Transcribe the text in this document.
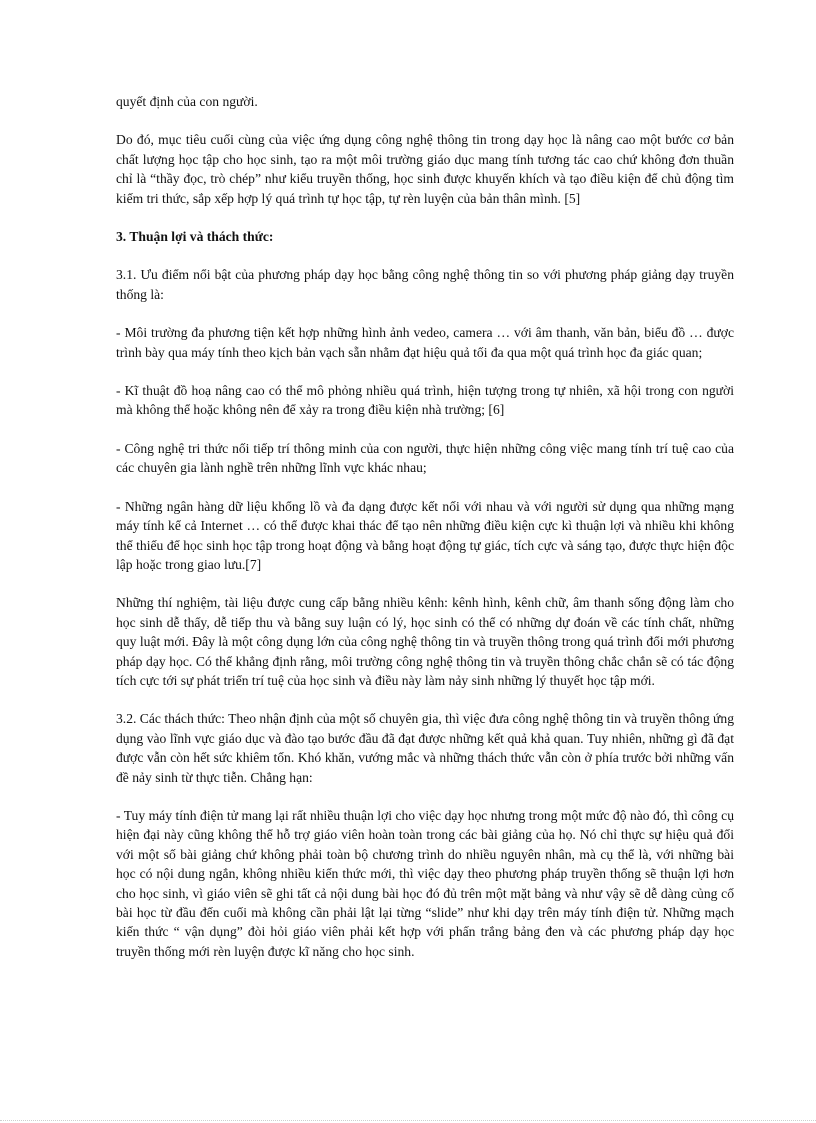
quyết định của con người.

Do đó, mục tiêu cuối cùng của việc ứng dụng công nghệ thông tin trong dạy học là nâng cao một bước cơ bản chất lượng học tập cho học sinh, tạo ra một môi trường giáo dục mang tính tương tác cao chứ không đơn thuần chỉ là “thầy đọc, trò chép” như kiểu truyền thống, học sinh được khuyến khích và tạo điều kiện để chủ động tìm kiếm tri thức, sắp xếp hợp lý quá trình tự học tập, tự rèn luyện của bản thân mình. [5]

3. Thuận lợi và thách thức:

3.1. Ưu điểm nổi bật của phương pháp dạy học bằng công nghệ thông tin so với phương pháp giảng dạy truyền thống là:

- Môi trường đa phương tiện kết hợp những hình ảnh vedeo, camera … với âm thanh, văn bản, biểu đồ … được trình bày qua máy tính theo kịch bản vạch sẵn nhằm đạt hiệu quả tối đa qua một quá trình học đa giác quan;

- Kĩ thuật đồ hoạ nâng cao có thể mô phỏng nhiều quá trình, hiện tượng trong tự nhiên, xã hội trong con người mà không thể hoặc không nên để xảy ra trong điều kiện nhà trường; [6]

- Công nghệ tri thức nối tiếp trí thông minh của con người, thực hiện những công việc mang tính trí tuệ cao của các chuyên gia lành nghề trên những lĩnh vực khác nhau;

- Những ngân hàng dữ liệu khổng lồ và đa dạng được kết nối với nhau và với người sử dụng qua những mạng máy tính kể cả Internet … có thể được khai thác để tạo nên những điều kiện cực kì thuận lợi và nhiều khi không thể thiếu để học sinh học tập trong hoạt động và bằng hoạt động tự giác, tích cực và sáng tạo, được thực hiện độc lập hoặc trong giao lưu.[7]

Những thí nghiệm, tài liệu được cung cấp bằng nhiều kênh: kênh hình, kênh chữ, âm thanh sống động làm cho học sinh dễ thấy, dễ tiếp thu và bằng suy luận có lý, học sinh có thể có những dự đoán về các tính chất, những quy luật mới. Đây là một công dụng lớn của công nghệ thông tin và truyền thông trong quá trình đổi mới phương pháp dạy học. Có thể khẳng định rằng, môi trường công nghệ thông tin và truyền thông chắc chắn sẽ có tác động tích cực tới sự phát triển trí tuệ của học sinh và điều này làm nảy sinh những lý thuyết học tập mới.

3.2. Các thách thức: Theo nhận định của một số chuyên gia, thì việc đưa công nghệ thông tin và truyền thông ứng dụng vào lĩnh vực giáo dục và đào tạo bước đầu đã đạt được những kết quả khả quan. Tuy nhiên, những gì đã đạt được vẫn còn hết sức khiêm tốn. Khó khăn, vướng mắc và những thách thức vẫn còn ở phía trước bởi những vấn đề nảy sinh từ thực tiễn. Chẳng hạn:

- Tuy máy tính điện tử mang lại rất nhiều thuận lợi cho việc dạy học nhưng trong một mức độ nào đó, thì công cụ hiện đại này cũng không thể hỗ trợ giáo viên hoàn toàn trong các bài giảng của họ. Nó chỉ thực sự hiệu quả đối với một số bài giảng chứ không phải toàn bộ chương trình do nhiều nguyên nhân, mà cụ thể là, với những bài học có nội dung ngắn, không nhiều kiến thức mới, thì việc dạy theo phương pháp truyền thống sẽ thuận lợi hơn cho học sinh, vì giáo viên sẽ ghi tất cả nội dung bài học đó đủ trên một mặt bảng và như vậy sẽ dễ dàng củng cố bài học từ đầu đến cuối mà không cần phải lật lại từng “slide” như khi dạy trên máy tính điện tử. Những mạch kiến thức “ vận dụng” đòi hỏi giáo viên phải kết hợp với phấn trắng bảng đen và các phương pháp dạy học truyền thống mới rèn luyện được kĩ năng cho học sinh.
